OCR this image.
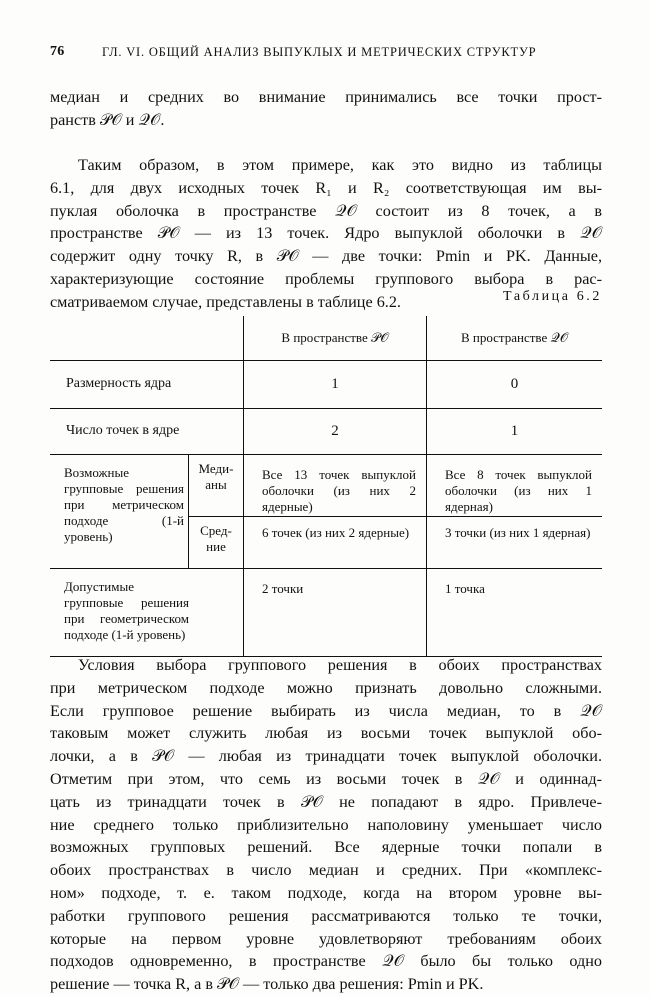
76	ГЛ. VI. ОБЩИЙ АНАЛИЗ ВЫПУКЛЫХ И МЕТРИЧЕСКИХ СТРУКТУР
медиан и средних во внимание принимались все точки прост-
ранств 𝒫𝒪 и 𝒬𝒪.
Таким образом, в этом примере, как это видно из таблицы
6.1, для двух исходных точек R₁ и R₂ соответствующая им вы-
пуклая оболочка в пространстве 𝒬𝒪 состоит из 8 точек, а в
пространстве 𝒫𝒪 — из 13 точек. Ядро выпуклой оболочки в 𝒬𝒪
содержит одну точку R, в 𝒫𝒪 — две точки: Pmin и PK. Данные,
характеризующие состояние проблемы группового выбора в рас-
сматриваемом случае, представлены в таблице 6.2.	Таблица 6.2
		В пространстве 𝒫𝒪	В пространстве 𝒬𝒪
Размерность ядра		1	0
Число точек в ядре		2	1
Возможные групповые решения при метрическом подходе (1-й уровень)	Меди-аны	Все 13 точек выпуклой оболочки (из них 2 ядерные)	Все 8 точек выпуклой оболочки (из них 1 ядерная)
	Сред-ние	6 точек (из них 2 ядерные)	3 точки (из них 1 ядерная)
Допустимые групповые решения при геометрическом подходе (1-й уровень)		2 точки	1 точка
Условия выбора группового решения в обоих пространствах
при метрическом подходе можно признать довольно сложными.
Если групповое решение выбирать из числа медиан, то в 𝒬𝒪
таковым может служить любая из восьми точек выпуклой обо-
лочки, а в 𝒫𝒪 — любая из тринадцати точек выпуклой оболочки.
Отметим при этом, что семь из восьми точек в 𝒬𝒪 и одиннад-
цать из тринадцати точек в 𝒫𝒪 не попадают в ядро. Привлече-
ние среднего только приблизительно наполовину уменьшает число
возможных групповых решений. Все ядерные точки попали в
обоих пространствах в число медиан и средних. При «комплекс-
ном» подходе, т. е. таком подходе, когда на втором уровне вы-
работки группового решения рассматриваются только те точки,
которые на первом уровне удовлетворяют требованиям обоих
подходов одновременно, в пространстве 𝒬𝒪 было бы только одно
решение — точка R, а в 𝒫𝒪 — только два решения: Pmin и PK.
